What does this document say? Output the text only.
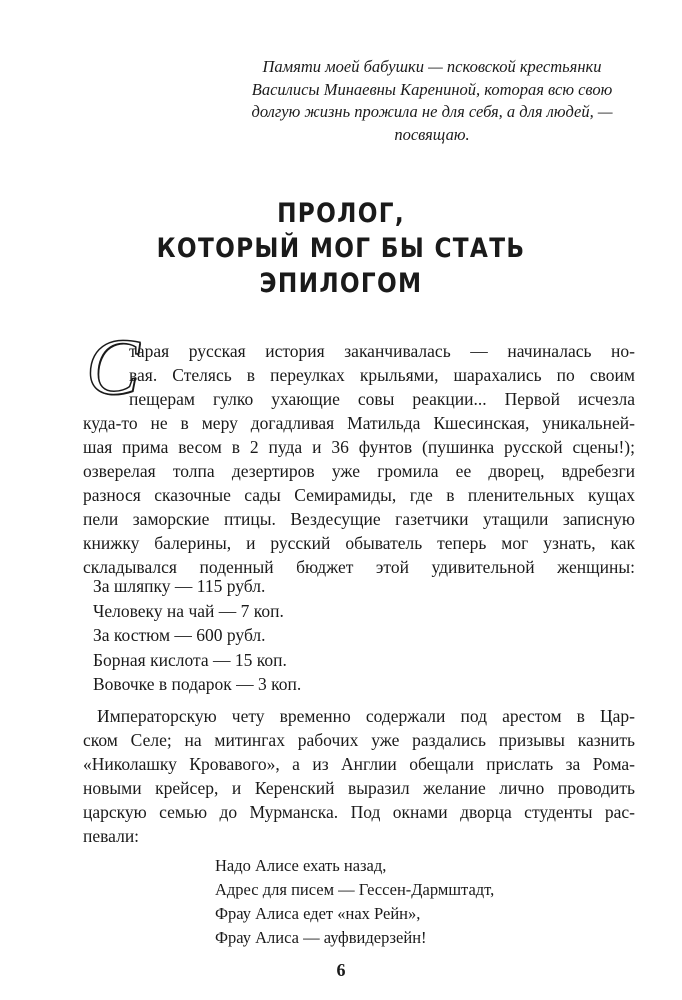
Памяти моей бабушки — псковской крестьянки
Василисы Минаевны Карениной, которая всю свою
долгую жизнь прожила не для себя, а для людей, —
посвящаю.
ПРОЛОГ,
КОТОРЫЙ МОГ БЫ СТАТЬ
ЭПИЛОГОМ
С
тарая русская история заканчивалась — начиналась но-
вая. Стелясь в переулках крыльями, шарахались по своим
пещерам гулко ухающие совы реакции... Первой исчезла
куда-то не в меру догадливая Матильда Кшесинская, уникальней-
шая прима весом в 2 пуда и 36 фунтов (пушинка русской сцены!);
озверелая толпа дезертиров уже громила ее дворец, вдребезги
разнося сказочные сады Семирамиды, где в пленительных кущах
пели заморские птицы. Вездесущие газетчики утащили записную
книжку балерины, и русский обыватель теперь мог узнать, как
складывался поденный бюджет этой удивительной женщины:
За шляпку — 115 рубл.
Человеку на чай — 7 коп.
За костюм — 600 рубл.
Борная кислота — 15 коп.
Вовочке в подарок — 3 коп.
Императорскую чету временно содержали под арестом в Цар-
ском Селе; на митингах рабочих уже раздались призывы казнить
«Николашку Кровавого», а из Англии обещали прислать за Рома-
новыми крейсер, и Керенский выразил желание лично проводить
царскую семью до Мурманска. Под окнами дворца студенты рас-
певали:
Надо Алисе ехать назад,
Адрес для писем — Гессен-Дармштадт,
Фрау Алиса едет «нах Рейн»,
Фрау Алиса — ауфвидерзейн!
6
